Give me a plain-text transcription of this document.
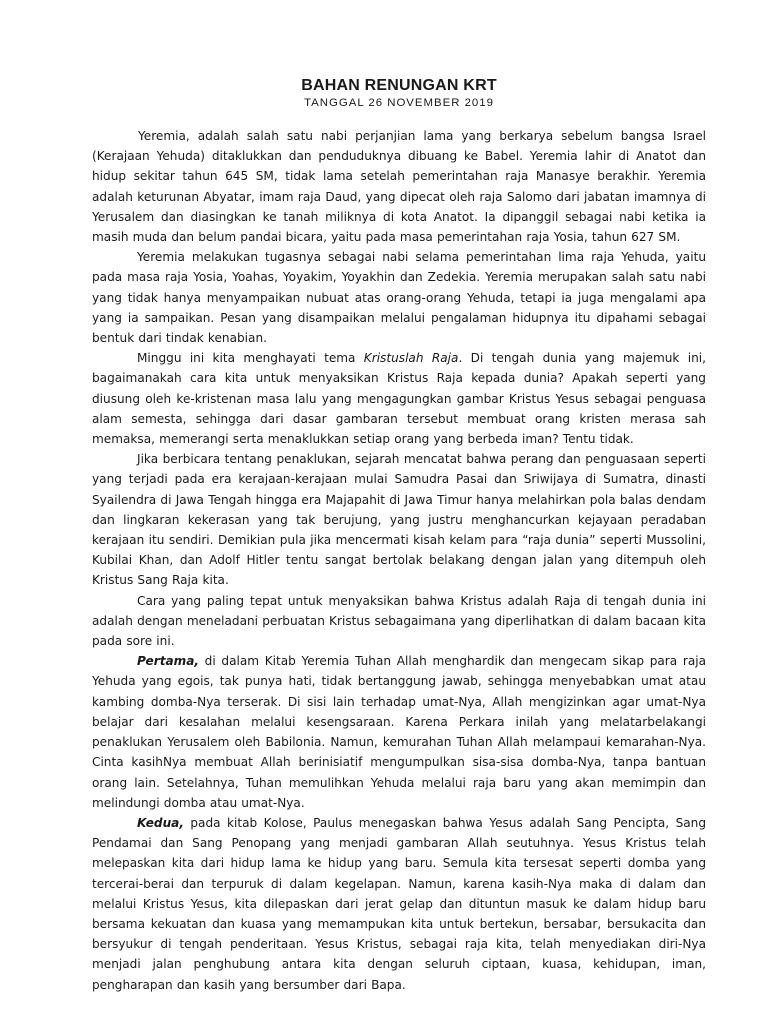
BAHAN RENUNGAN KRT

TANGGAL 26 NOVEMBER 2019

Yeremia, adalah salah satu nabi perjanjian lama yang berkarya sebelum bangsa Israel (Kerajaan Yehuda) ditaklukkan dan penduduknya dibuang ke Babel. Yeremia lahir di Anatot dan hidup sekitar tahun 645 SM, tidak lama setelah pemerintahan raja Manasye berakhir. Yeremia adalah keturunan Abyatar, imam raja Daud, yang dipecat oleh raja Salomo dari jabatan imamnya di Yerusalem dan diasingkan ke tanah miliknya di kota Anatot. Ia dipanggil sebagai nabi ketika ia masih muda dan belum pandai bicara, yaitu pada masa pemerintahan raja Yosia, tahun 627 SM.

Yeremia melakukan tugasnya sebagai nabi selama pemerintahan lima raja Yehuda, yaitu pada masa raja Yosia, Yoahas, Yoyakim, Yoyakhin dan Zedekia. Yeremia merupakan salah satu nabi yang tidak hanya menyampaikan nubuat atas orang-orang Yehuda, tetapi ia juga mengalami apa yang ia sampaikan. Pesan yang disampaikan melalui pengalaman hidupnya itu dipahami sebagai bentuk dari tindak kenabian.

Minggu ini kita menghayati tema Kristuslah Raja. Di tengah dunia yang majemuk ini, bagaimanakah cara kita untuk menyaksikan Kristus Raja kepada dunia? Apakah seperti yang diusung oleh ke-kristenan masa lalu yang mengagungkan gambar Kristus Yesus sebagai penguasa alam semesta, sehingga dari dasar gambaran tersebut membuat orang kristen merasa sah memaksa, memerangi serta menaklukkan setiap orang yang berbeda iman? Tentu tidak.

Jika berbicara tentang penaklukan, sejarah mencatat bahwa perang dan penguasaan seperti yang terjadi pada era kerajaan-kerajaan mulai Samudra Pasai dan Sriwijaya di Sumatra, dinasti Syailendra di Jawa Tengah hingga era Majapahit di Jawa Timur hanya melahirkan pola balas dendam dan lingkaran kekerasan yang tak berujung, yang justru menghancurkan kejayaan peradaban kerajaan itu sendiri. Demikian pula jika mencermati kisah kelam para “raja dunia” seperti Mussolini, Kubilai Khan, dan Adolf Hitler tentu sangat bertolak belakang dengan jalan yang ditempuh oleh Kristus Sang Raja kita.

Cara yang paling tepat untuk menyaksikan bahwa Kristus adalah Raja di tengah dunia ini adalah dengan meneladani perbuatan Kristus sebagaimana yang diperlihatkan di dalam bacaan kita pada sore ini.

Pertama, di dalam Kitab Yeremia Tuhan Allah menghardik dan mengecam sikap para raja Yehuda yang egois, tak punya hati, tidak bertanggung jawab, sehingga menyebabkan umat atau kambing domba-Nya terserak. Di sisi lain terhadap umat-Nya, Allah mengizinkan agar umat-Nya belajar dari kesalahan melalui kesengsaraan. Karena Perkara inilah yang melatarbelakangi penaklukan Yerusalem oleh Babilonia. Namun, kemurahan Tuhan Allah melampaui kemarahan-Nya. Cinta kasihNya membuat Allah berinisiatif mengumpulkan sisa-sisa domba-Nya, tanpa bantuan orang lain. Setelahnya, Tuhan memulihkan Yehuda melalui raja baru yang akan memimpin dan melindungi domba atau umat-Nya.

Kedua, pada kitab Kolose, Paulus menegaskan bahwa Yesus adalah Sang Pencipta, Sang Pendamai dan Sang Penopang yang menjadi gambaran Allah seutuhnya. Yesus Kristus telah melepaskan kita dari hidup lama ke hidup yang baru. Semula kita tersesat seperti domba yang tercerai-berai dan terpuruk di dalam kegelapan. Namun, karena kasih-Nya maka di dalam dan melalui Kristus Yesus, kita dilepaskan dari jerat gelap dan dituntun masuk ke dalam hidup baru bersama kekuatan dan kuasa yang memampukan kita untuk bertekun, bersabar, bersukacita dan bersyukur di tengah penderitaan. Yesus Kristus, sebagai raja kita, telah menyediakan diri-Nya menjadi jalan penghubung antara kita dengan seluruh ciptaan, kuasa, kehidupan, iman, pengharapan dan kasih yang bersumber dari Bapa.
